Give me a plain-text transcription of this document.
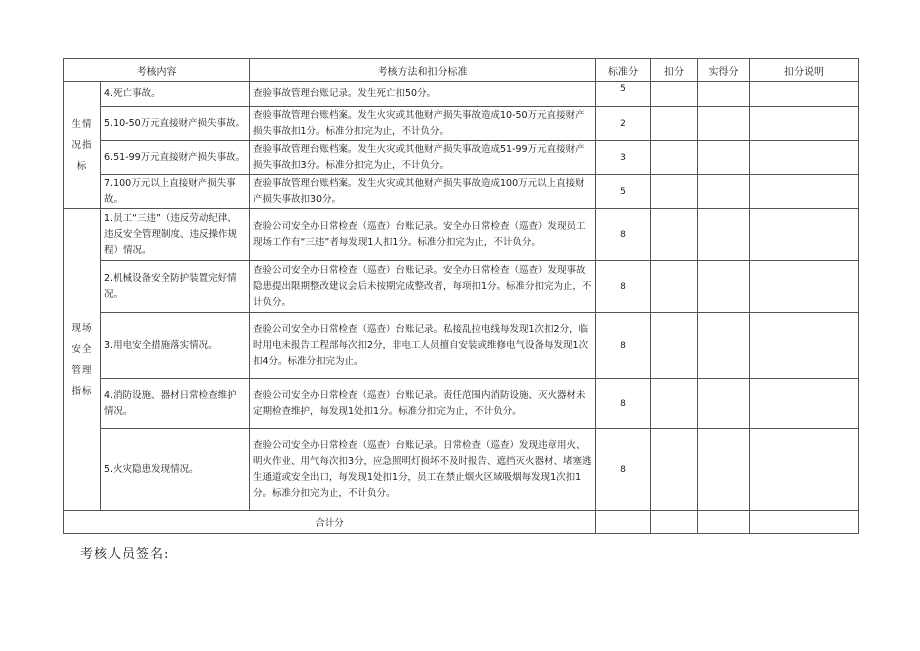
考核内容		考核方法和扣分标准	标准分	扣分	实得分	扣分说明
生情况指标	4.死亡事故。	查验事故管理台账记录。发生死亡扣50分。	5			
	5.10-50万元直接财产损失事故。	查验事故管理台账档案。发生火灾或其他财产损失事故造成10-50万元直接财产损失事故扣1分。标准分扣完为止，不计负分。	2			
	6.51-99万元直接财产损失事故。	查验事故管理台账档案。发生火灾或其他财产损失事故造成51-99万元直接财产损失事故扣3分。标准分扣完为止，不计负分。	3			
	7.100万元以上直接财产损失事故。	查验事故管理台账档案。发生火灾或其他财产损失事故造成100万元以上直接财产损失事故扣30分。	5			
现场安全管理指标	1.员工“三违”（违反劳动纪律、违反安全管理制度、违反操作规程）情况。	查验公司安全办日常检查（巡查）台账记录。安全办日常检查（巡查）发现员工现场工作有“三违”者每发现1人扣1分。标准分扣完为止，不计负分。	8			
	2.机械设备安全防护装置完好情况。	查验公司安全办日常检查（巡查）台账记录。安全办日常检查（巡查）发现事故隐患提出限期整改建议会后未按期完成整改者，每项扣1分。标准分扣完为止，不计负分。	8			
	3.用电安全措施落实情况。	查验公司安全办日常检查（巡查）台账记录。私接乱拉电线每发现1次扣2分，临时用电未报告工程部每次扣2分，非电工人员擅自安装或维修电气设备每发现1次扣4分。标准分扣完为止。	8			
	4.消防设施、器材日常检查维护情况。	查验公司安全办日常检查（巡查）台账记录。责任范围内消防设施、灭火器材未定期检查维护，每发现1处扣1分。标准分扣完为止，不计负分。	8			
	5.火灾隐患发现情况。	查验公司安全办日常检查（巡查）台账记录。日常检查（巡查）发现违章用火、明火作业、用气每次扣3分，应急照明灯损坏不及时报告、遮挡灭火器材、堵塞逃生通道或安全出口，每发现1处扣1分，员工在禁止烟火区域吸烟每发现1次扣1分。标准分扣完为止，不计负分。	8			
合计分						
考核人员签名:
